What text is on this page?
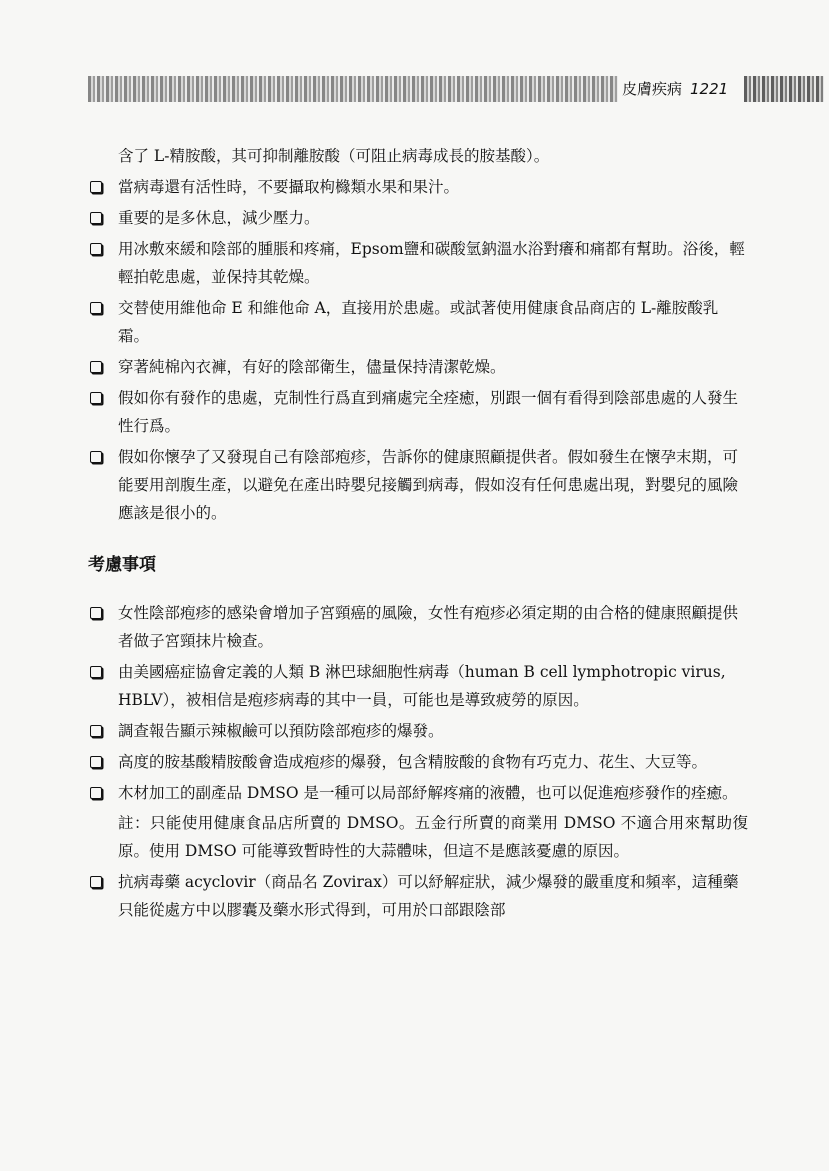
皮膚疾病 1221
含了 L-精胺酸，其可抑制離胺酸（可阻止病毒成長的胺基酸）。
當病毒還有活性時，不要攝取枸櫞類水果和果汁。
重要的是多休息，減少壓力。
用冰敷來緩和陰部的腫脹和疼痛，Epsom鹽和碳酸氫鈉溫水浴對癢和痛都有幫助。浴後，輕輕拍乾患處，並保持其乾燥。
交替使用維他命 E 和維他命 A，直接用於患處。或試著使用健康食品商店的 L-離胺酸乳霜。
穿著純棉內衣褲，有好的陰部衛生，儘量保持清潔乾燥。
假如你有發作的患處，克制性行爲直到痛處完全痊癒，別跟一個有看得到陰部患處的人發生性行爲。
假如你懷孕了又發現自己有陰部疱疹，告訴你的健康照顧提供者。假如發生在懷孕末期，可能要用剖腹生產，以避免在產出時嬰兒接觸到病毒，假如沒有任何患處出現，對嬰兒的風險應該是很小的。
考慮事項
女性陰部疱疹的感染會增加子宮頸癌的風險，女性有疱疹必須定期的由合格的健康照顧提供者做子宮頸抹片檢查。
由美國癌症協會定義的人類 B 淋巴球細胞性病毒（human B cell lymphotropic virus, HBLV），被相信是疱疹病毒的其中一員，可能也是導致疲勞的原因。
調查報告顯示辣椒鹼可以預防陰部疱疹的爆發。
高度的胺基酸精胺酸會造成疱疹的爆發，包含精胺酸的食物有巧克力、花生、大豆等。
木材加工的副產品 DMSO 是一種可以局部紓解疼痛的液體，也可以促進疱疹發作的痊癒。
註：只能使用健康食品店所賣的 DMSO。五金行所賣的商業用 DMSO 不適合用來幫助復原。使用 DMSO 可能導致暫時性的大蒜體味，但這不是應該憂慮的原因。
抗病毒藥 acyclovir（商品名 Zovirax）可以紓解症狀，減少爆發的嚴重度和頻率，這種藥只能從處方中以膠囊及藥水形式得到，可用於口部跟陰部
